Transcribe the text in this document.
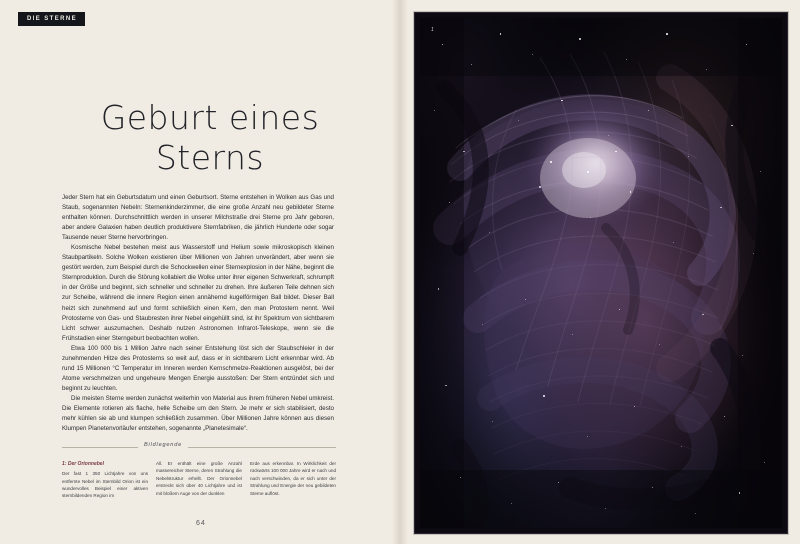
DIE STERNE
Geburt eines
Sterns

Jeder Stern hat ein Geburtsdatum und einen Geburtsort. Sterne entstehen in Wolken aus Gas und Staub, sogenannten Nebeln: Sternenkinderzimmer, die eine große Anzahl neu gebildeter Sterne enthalten können. Durchschnittlich werden in unserer Milchstraße drei Sterne pro Jahr geboren, aber andere Galaxien haben deutlich produktivere Sternfabriken, die jährlich Hunderte oder sogar Tausende neuer Sterne hervorbringen.

Kosmische Nebel bestehen meist aus Wasserstoff und Helium sowie mikroskopisch kleinen Staubpartikeln. Solche Wolken existieren über Millionen von Jahren unverändert, aber wenn sie gestört werden, zum Beispiel durch die Schockwellen einer Sternexplosion in der Nähe, beginnt die Sternproduktion. Durch die Störung kollabiert die Wolke unter ihrer eigenen Schwerkraft, schrumpft in der Größe und beginnt, sich schneller und schneller zu drehen. Ihre äußeren Teile dehnen sich zur Scheibe, während die innere Region einen annähernd kugelförmigen Ball bildet. Dieser Ball heizt sich zunehmend auf und formt schließlich einen Kern, den man Protostern nennt. Weil Protosterne von Gas- und Staubresten ihrer Nebel eingehüllt sind, ist ihr Spektrum von sichtbarem Licht schwer auszumachen. Deshalb nutzen Astronomen Infrarot-Teleskope, wenn sie die Frühstadien einer Sterngeburt beobachten wollen.

Etwa 100 000 bis 1 Million Jahre nach seiner Entstehung löst sich der Staubschleier in der zunehmenden Hitze des Protosterns so weit auf, dass er in sichtbarem Licht erkennbar wird. Ab rund 15 Millionen °C Temperatur im Inneren werden Kernschmelze-Reaktionen ausgelöst, bei der Atome verschmelzen und ungeheure Mengen Energie ausstoßen: Der Stern entzündet sich und beginnt zu leuchten.

Die meisten Sterne werden zunächst weiterhin von Material aus ihrem früheren Nebel umkreist. Die Elemente rotieren als flache, helle Scheibe um den Stern. Je mehr er sich stabilisiert, desto mehr kühlen sie ab und klumpen schließlich zusammen. Über Millionen Jahre können aus diesen Klumpen Planetenvorläufer entstehen, sogenannte „Planetesimale“.

Bildlegende
1: Der Orionnebel

Der fast 1 350 Lichtjahre von uns entfernte Nebel im Sternbild Orion ist ein wundervolles Beispiel einer aktiven sternbildenden Region im

All. Er enthält eine große Anzahl massereicher Sterne, deren Strahlung die Nebelstruktur erhellt. Der Orionnebel erstreckt sich über 40 Lichtjahre und ist mit bloßem Auge von der dunklen

Erde aus erkennbar. In Wirklichkeit der rückwärts 100 000 Jahre wird er nach und nach verschwinden, da er sich unter der Strahlung und Energie der neu gebildeten Sterne auflöst.

64
1
